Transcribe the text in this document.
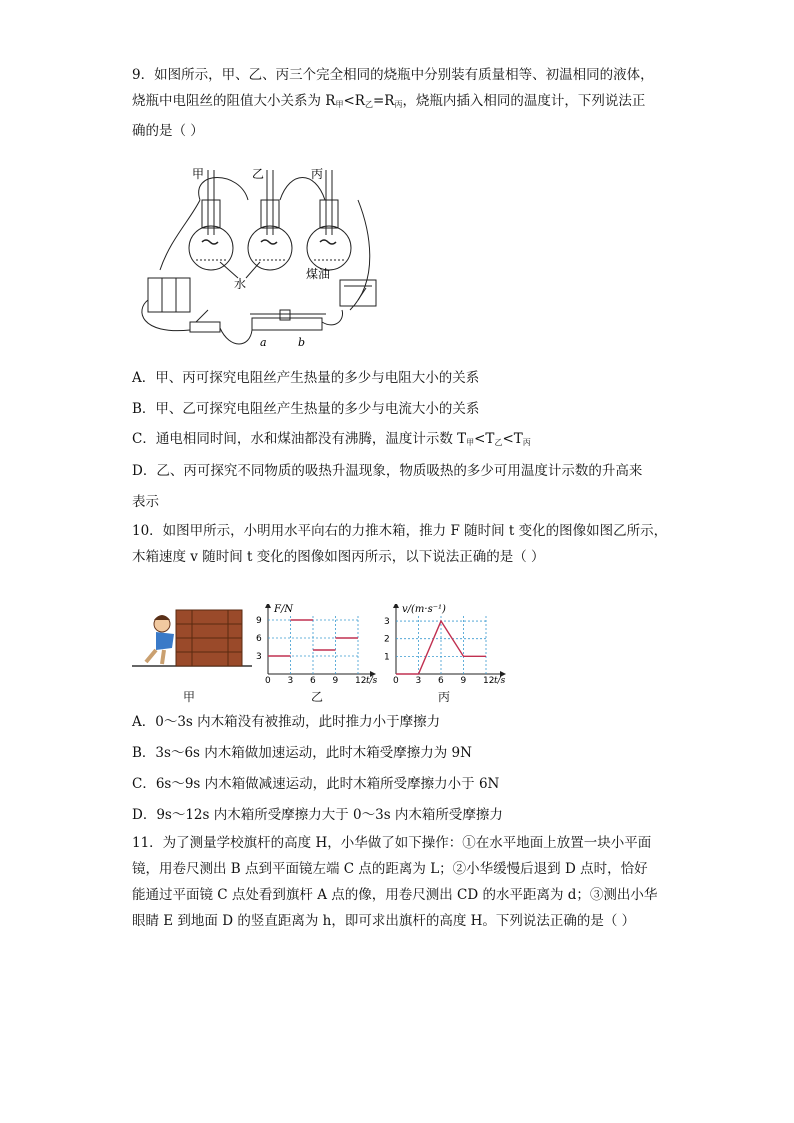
9．如图所示，甲、乙、丙三个完全相同的烧瓶中分别装有质量相等、初温相同的液体，
烧瓶中电阻丝的阻值大小关系为 $R_甲<R_乙=R_丙$，烧瓶内插入相同的温度计，下列说法正
确的是（ ）
甲	乙	丙
水
煤油
a	b
A．甲、丙可探究电阻丝产生热量的多少与电阻大小的关系
B．甲、乙可探究电阻丝产生热量的多少与电流大小的关系
C．通电相同时间，水和煤油都没有沸腾，温度计示数 $T_甲<T_乙<T_丙$
D．乙、丙可探究不同物质的吸热升温现象，物质吸热的多少可用温度计示数的升高来
表示
10．如图甲所示，小明用水平向右的力推木箱，推力 F 随时间 t 变化的图像如图乙所示，
木箱速度 v 随时间 t 变化的图像如图丙所示，以下说法正确的是（ ）
F/N
0 3 6 9 12 t/s
3
6
9
v/(m·s⁻¹)
0 3 6 9 12 t/s
1
2
3
甲	乙	丙
A．0～3s 内木箱没有被推动，此时推力小于摩擦力
B．3s～6s 内木箱做加速运动，此时木箱受摩擦力为 9N
C．6s～9s 内木箱做减速运动，此时木箱所受摩擦力小于 6N
D．9s～12s 内木箱所受摩擦力大于 0～3s 内木箱所受摩擦力
11．为了测量学校旗杆的高度 H，小华做了如下操作：①在水平地面上放置一块小平面
镜，用卷尺测出 B 点到平面镜左端 C 点的距离为 L；②小华缓慢后退到 D 点时，恰好
能通过平面镜 C 点处看到旗杆 A 点的像，用卷尺测出 CD 的水平距离为 d；③测出小华
眼睛 E 到地面 D 的竖直距离为 h，即可求出旗杆的高度 H。下列说法正确的是（ ）
